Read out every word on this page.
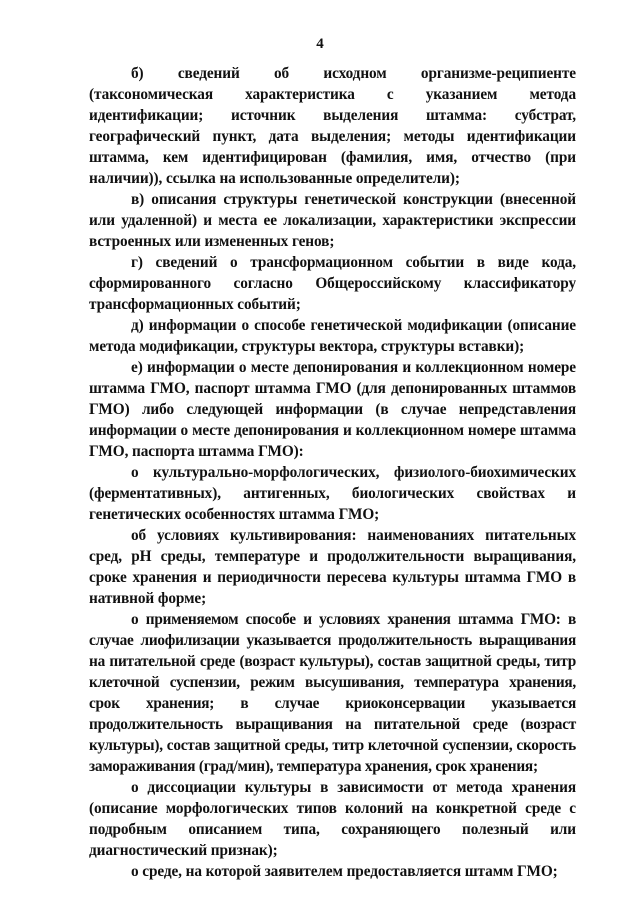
4

б) сведений об исходном организме-реципиенте (таксономическая характеристика с указанием метода идентификации; источник выделения штамма: субстрат, географический пункт, дата выделения; методы идентификации штамма, кем идентифицирован (фамилия, имя, отчество (при наличии)), ссылка на использованные определители);

в) описания структуры генетической конструкции (внесенной или удаленной) и места ее локализации, характеристики экспрессии встроенных или измененных генов;

г) сведений о трансформационном событии в виде кода, сформированного согласно Общероссийскому классификатору трансформационных событий;

д) информации о способе генетической модификации (описание метода модификации, структуры вектора, структуры вставки);

е) информации о месте депонирования и коллекционном номере штамма ГМО, паспорт штамма ГМО (для депонированных штаммов ГМО) либо следующей информации (в случае непредставления информации о месте депонирования и коллекционном номере штамма ГМО, паспорта штамма ГМО):

о культурально-морфологических, физиолого-биохимических (ферментативных), антигенных, биологических свойствах и генетических особенностях штамма ГМО;

об условиях культивирования: наименованиях питательных сред, pH среды, температуре и продолжительности выращивания, сроке хранения и периодичности пересева культуры штамма ГМО в нативной форме;

о применяемом способе и условиях хранения штамма ГМО: в случае лиофилизации указывается продолжительность выращивания на питательной среде (возраст культуры), состав защитной среды, титр клеточной суспензии, режим высушивания, температура хранения, срок хранения; в случае криоконсервации указывается продолжительность выращивания на питательной среде (возраст культуры), состав защитной среды, титр клеточной суспензии, скорость замораживания (град/мин), температура хранения, срок хранения;

о диссоциации культуры в зависимости от метода хранения (описание морфологических типов колоний на конкретной среде с подробным описанием типа, сохраняющего полезный или диагностический признак);

о среде, на которой заявителем предоставляется штамм ГМО;
